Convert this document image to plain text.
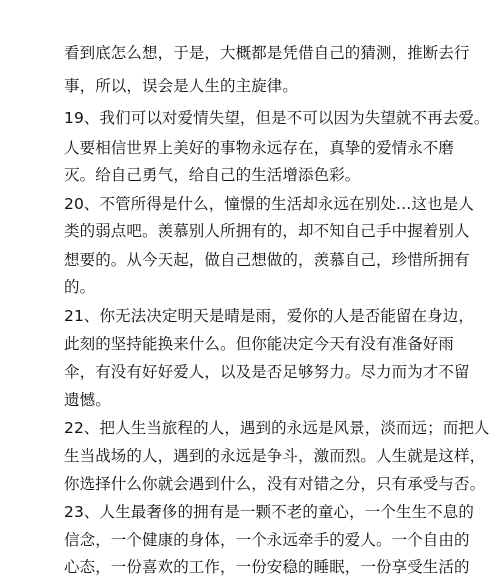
看到底怎么想，于是，大概都是凭借自己的猜测，推断去行
事，所以，误会是人生的主旋律。
19、我们可以对爱情失望，但是不可以因为失望就不再去爱。
人要相信世界上美好的事物永远存在，真挚的爱情永不磨
灭。给自己勇气，给自己的生活增添色彩。
20、不管所得是什么，憧憬的生活却永远在别处…这也是人
类的弱点吧。羡慕别人所拥有的，却不知自己手中握着别人
想要的。从今天起，做自己想做的，羡慕自己，珍惜所拥有
的。
21、你无法决定明天是晴是雨，爱你的人是否能留在身边，
此刻的坚持能换来什么。但你能决定今天有没有准备好雨
伞，有没有好好爱人，以及是否足够努力。尽力而为才不留
遗憾。
22、把人生当旅程的人，遇到的永远是风景，淡而远；而把人
生当战场的人，遇到的永远是争斗，激而烈。人生就是这样，
你选择什么你就会遇到什么，没有对错之分，只有承受与否。
23、人生最奢侈的拥有是一颗不老的童心，一个生生不息的
信念，一个健康的身体，一个永远牵手的爱人。一个自由的
心态，一份喜欢的工作，一份安稳的睡眠，一份享受生活的
